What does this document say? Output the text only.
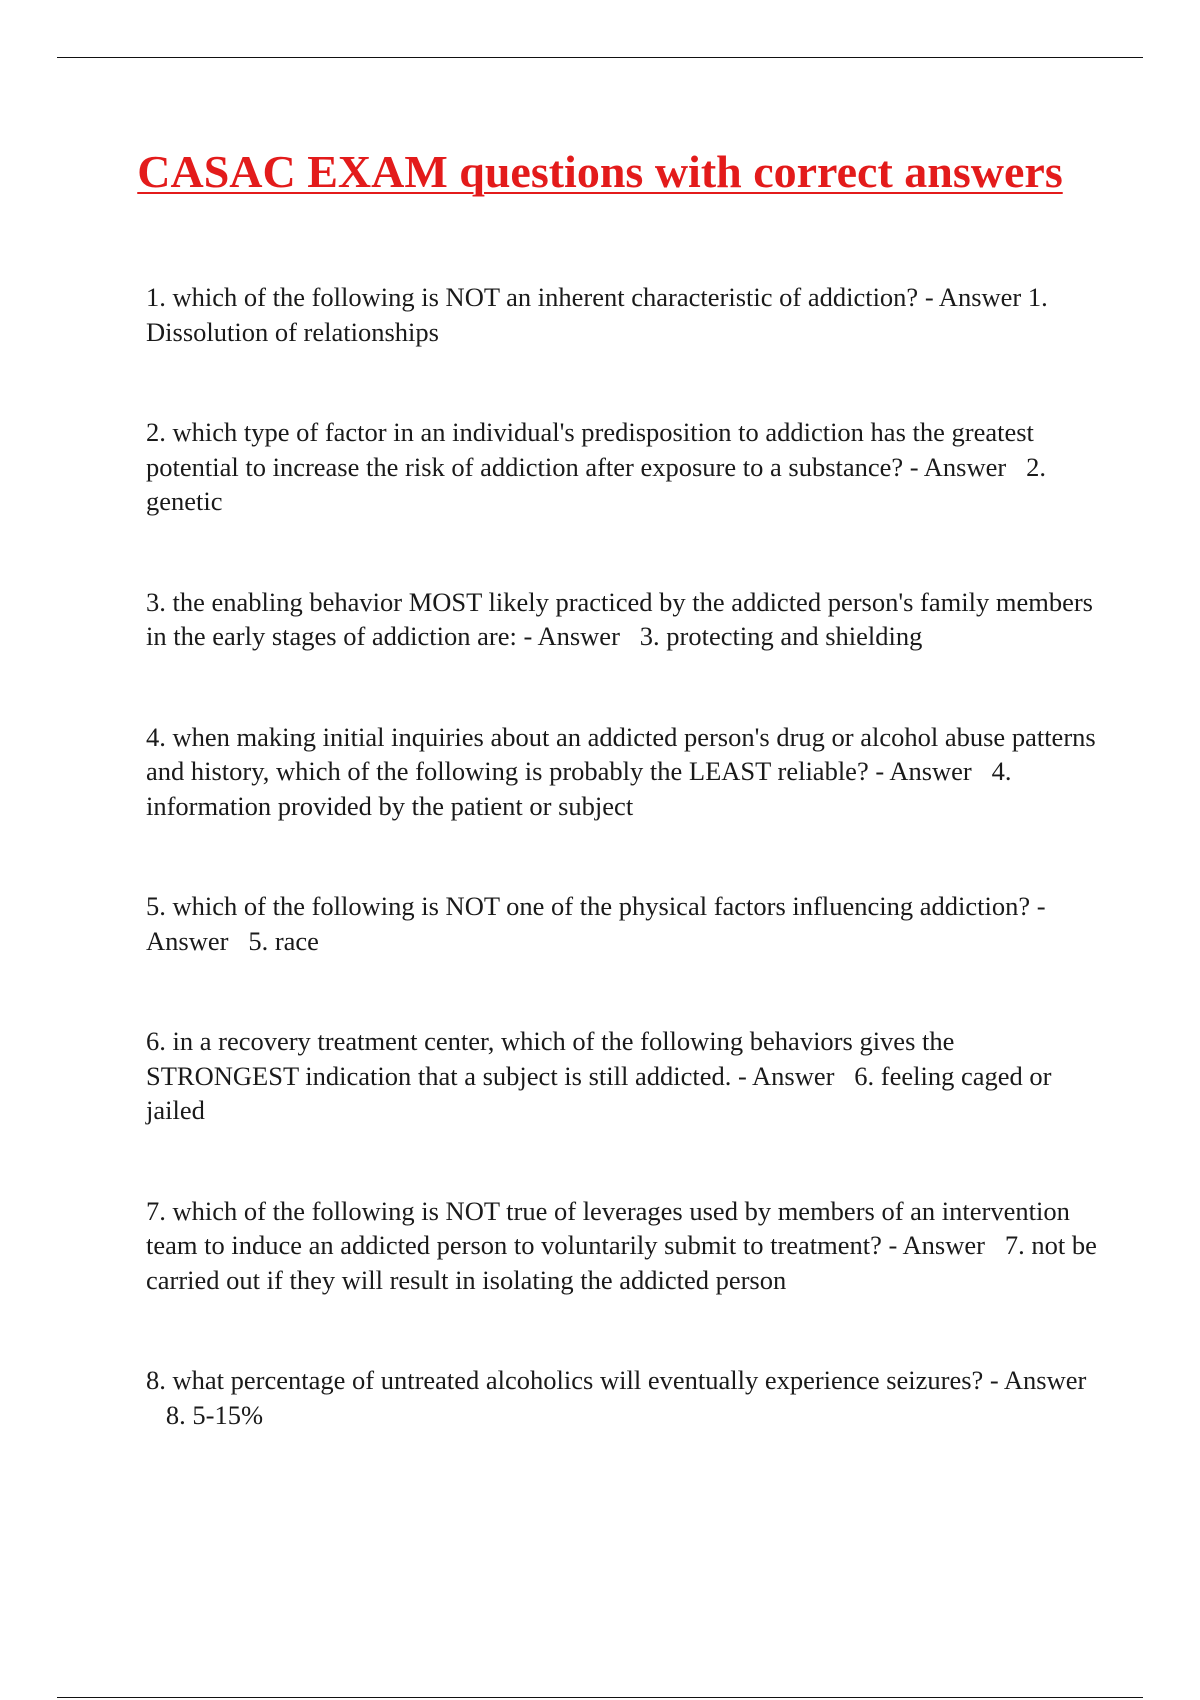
CASAC EXAM questions with correct answers
1. which of the following is NOT an inherent characteristic of addiction? - Answer 1. Dissolution of relationships
2. which type of factor in an individual's predisposition to addiction has the greatest potential to increase the risk of addiction after exposure to a substance? - Answer 2. genetic
3. the enabling behavior MOST likely practiced by the addicted person's family members in the early stages of addiction are: - Answer 3. protecting and shielding
4. when making initial inquiries about an addicted person's drug or alcohol abuse patterns and history, which of the following is probably the LEAST reliable? - Answer 4. information provided by the patient or subject
5. which of the following is NOT one of the physical factors influencing addiction? - Answer 5. race
6. in a recovery treatment center, which of the following behaviors gives the STRONGEST indication that a subject is still addicted. - Answer 6. feeling caged or jailed
7. which of the following is NOT true of leverages used by members of an intervention team to induce an addicted person to voluntarily submit to treatment? - Answer 7. not be carried out if they will result in isolating the addicted person
8. what percentage of untreated alcoholics will eventually experience seizures? - Answer   8. 5-15%
